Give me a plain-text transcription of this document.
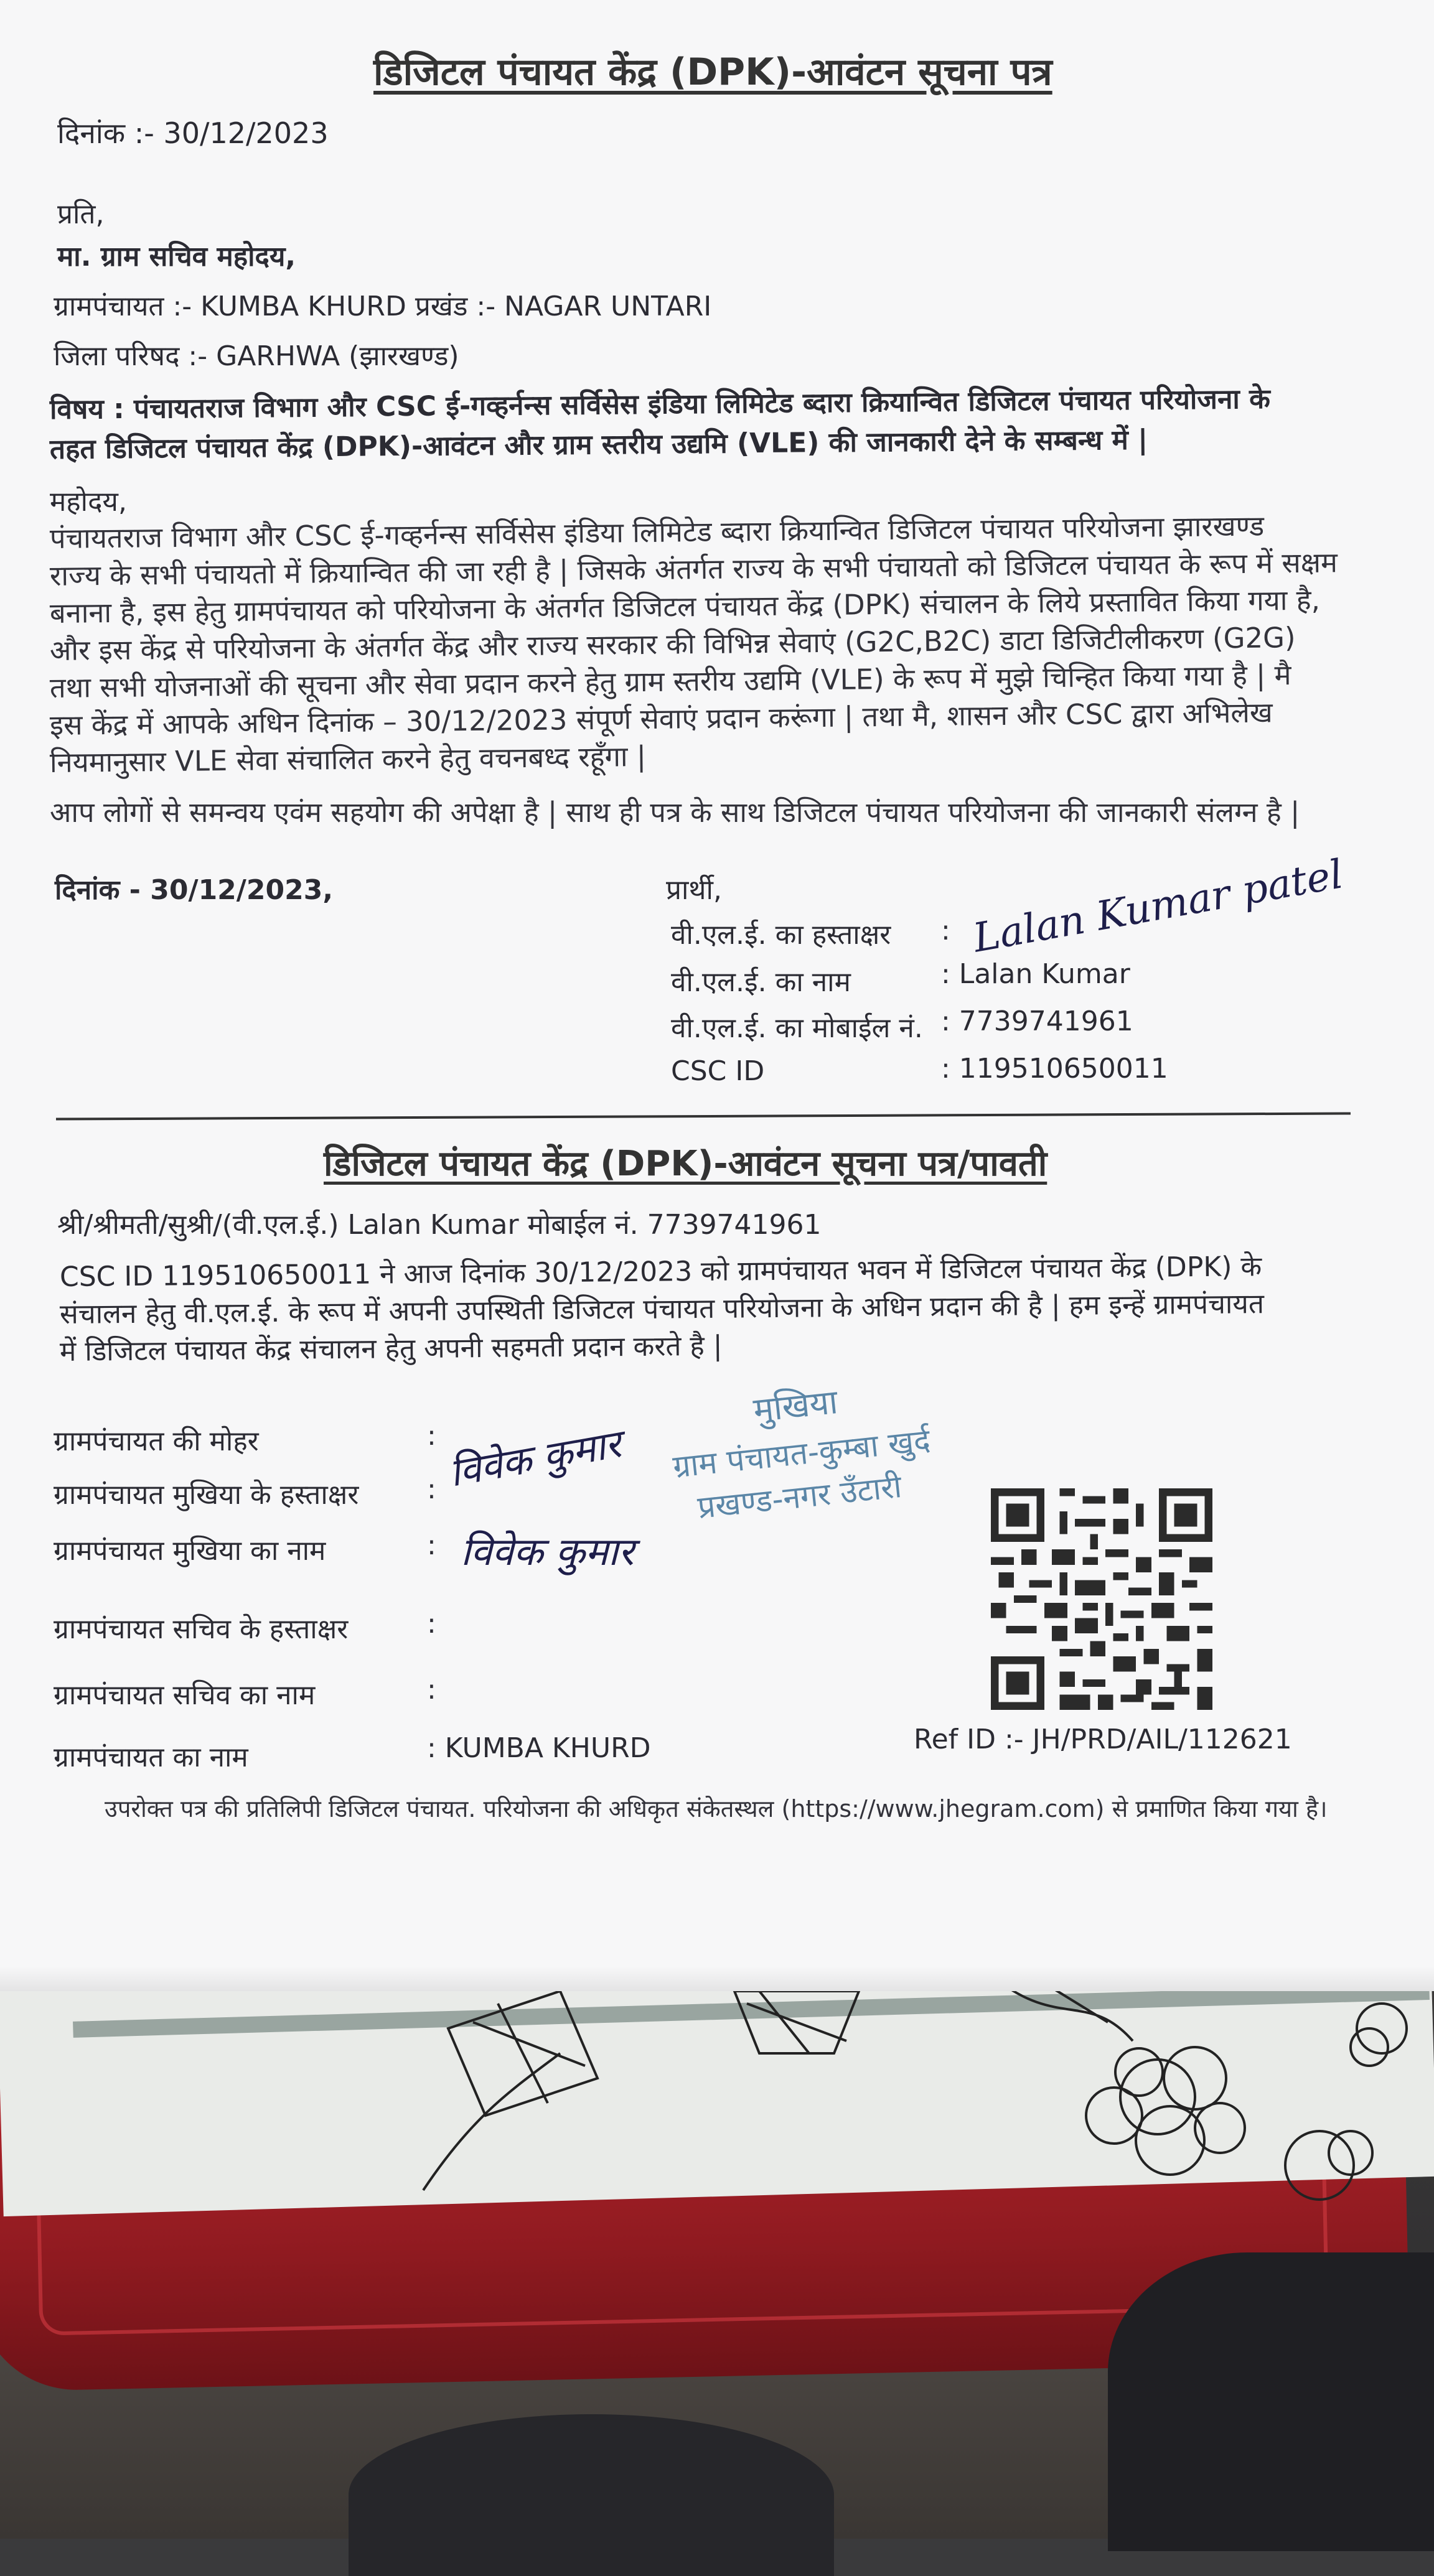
डिजिटल पंचायत केंद्र (DPK)-आवंटन सूचना पत्र
दिनांक :- 30/12/2023
प्रति,
मा. ग्राम सचिव महोदय,
ग्रामपंचायत :- KUMBA KHURD प्रखंड :- NAGAR UNTARI
जिला परिषद :- GARHWA (झारखण्ड)
विषय : पंचायतराज विभाग और CSC ई-गव्हर्नन्स सर्विसेस इंडिया लिमिटेड ब्दारा क्रियान्वित डिजिटल पंचायत परियोजना के
तहत डिजिटल पंचायत केंद्र (DPK)-आवंटन और ग्राम स्तरीय उद्यमि (VLE) की जानकारी देने के सम्बन्ध में |
महोदय,
पंचायतराज विभाग और CSC ई-गव्हर्नन्स सर्विसेस इंडिया लिमिटेड ब्दारा क्रियान्वित डिजिटल पंचायत परियोजना झारखण्ड
राज्य के सभी पंचायतो में क्रियान्वित की जा रही है | जिसके अंतर्गत राज्य के सभी पंचायतो को डिजिटल पंचायत के रूप में सक्षम
बनाना है, इस हेतु ग्रामपंचायत को परियोजना के अंतर्गत डिजिटल पंचायत केंद्र (DPK) संचालन के लिये प्रस्तावित किया गया है,
और इस केंद्र से परियोजना के अंतर्गत केंद्र और राज्य सरकार की विभिन्न सेवाएं (G2C,B2C) डाटा डिजिटीलीकरण (G2G)
तथा सभी योजनाओं की सूचना और सेवा प्रदान करने हेतु ग्राम स्तरीय उद्यमि (VLE) के रूप में मुझे चिन्हित किया गया है | मै
इस केंद्र में आपके अधिन दिनांक – 30/12/2023 संपूर्ण सेवाएं प्रदान करूंगा | तथा मै, शासन और CSC द्वारा अभिलेख
नियमानुसार VLE सेवा संचालित करने हेतु वचनबध्द रहूँगा |
आप लोगों से समन्वय एवंम सहयोग की अपेक्षा है | साथ ही पत्र के साथ डिजिटल पंचायत परियोजना की जानकारी संलग्न है |
दिनांक - 30/12/2023,	प्रार्थी,
वी.एल.ई. का हस्ताक्षर : Lalan Kumar patel
वी.एल.ई. का नाम	: Lalan Kumar
वी.एल.ई. का मोबाईल नं. : 7739741961
CSC ID	: 119510650011
डिजिटल पंचायत केंद्र (DPK)-आवंटन सूचना पत्र/पावती
श्री/श्रीमती/सुश्री/(वी.एल.ई.) Lalan Kumar मोबाईल नं. 7739741961
CSC ID 119510650011 ने आज दिनांक 30/12/2023 को ग्रामपंचायत भवन में डिजिटल पंचायत केंद्र (DPK) के
संचालन हेतु वी.एल.ई. के रूप में अपनी उपस्थिती डिजिटल पंचायत परियोजना के अधिन प्रदान की है | हम इन्हें ग्रामपंचायत
में डिजिटल पंचायत केंद्र संचालन हेतु अपनी सहमती प्रदान करते है |
ग्रामपंचायत की मोहर	:
ग्रामपंचायत मुखिया के हस्ताक्षर : विवेक कुमार
ग्रामपंचायत मुखिया का नाम	: विवेक कुमार
ग्रामपंचायत सचिव के हस्ताक्षर	:
ग्रामपंचायत सचिव का नाम	:
ग्रामपंचायत का नाम	: KUMBA KHURD
मुखिया
ग्राम पंचायत-कुम्बा खुर्द
प्रखण्ड-नगर उँटारी
Ref ID :- JH/PRD/AIL/112621
उपरोक्त पत्र की प्रतिलिपी डिजिटल पंचायत. परियोजना की अधिकृत संकेतस्थल (https://www.jhegram.com) से प्रमाणित किया गया है।
